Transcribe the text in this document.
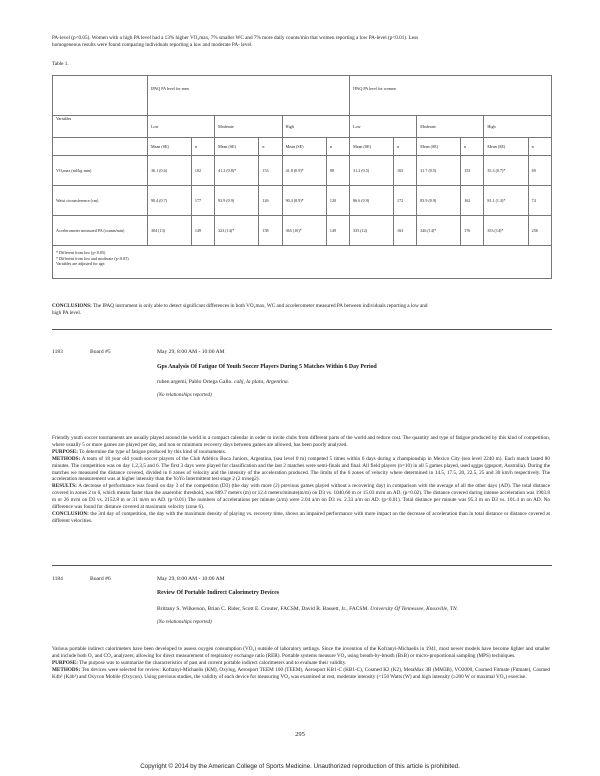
PA-level (p<0.05). Women with a high PA level had a 13% higher VO₂max, 7% smaller WC and 7% more daily counts/min that women reporting a low PA-level (p<0.01). Less
homogeneous results were found comparing individuals reporting a low and moderate PA- level.
Table 1.
	IPAQ PA level for men						IPAQ PA level for women					
Variables	Low		Moderate		High		Low		Moderate		High	
	Mean (SE)	n	Mean (SE)	n	Mean (SE)	n	Mean (SE)	n	Mean (SE)	n	Mean (SE)	n
VO₂max (ml/kg·min)	36.1 (0.6)	102	41.2 (0.8)*	153	41.8 (0.9)*	98	31.2 (0.5)	165	31.7 (0.5)	153	35.3 (0.7)*	69
Waist circumference (cm)	90.4 (0.7)	177	93.9 (0.9)	126	90.4 (0.9)*	120	86.6 (0.9)	172	83.9 (0.9)	162	81.1 (1.3)*	74
Accelerometer measured PA (counts/min)	304 (13)	149	323 (14)*	158	365 (16)*	149	335 (12)	163	346 (14)*	176	353 (14)*	256

* Different from low (p<0.05)
* Different from low and moderate (p<0.05)
Variables are adjusted for age.												
CONCLUSIONS: The IPAQ instrument is only able to detect significant differences in both VO₂max, WC and accelerometer measured PA between individuals reporting a low and
high PA level.
1183	Board #5	May 29, 8:00 AM - 10:00 AM
Gps Analysis Of Fatigue Of Youth Soccer Players During 5 Matches Within 6 Day Period
ruben argemi, Pablo Ortega Gallo. cabj, la plata, Argentina.
(No relationships reported)
Friendly youth soccer tournaments are usually played around the world in a compact calendar in order to invite clubs from different parts of the world and reduce cost. The quantity and type of fatigue produced by this kind of competition, where usually 5 or more games are played per day, and non or minimum recovery days between games are allowed, has been poorly analyzed.
PURPOSE: To determine the type of fatigue produced by this kind of tournaments.
METHODS: A team of 18 year old youth soccer players of the Club Atlético Boca Juniors, Argentina, (sea level 0 m) competed 5 times within 6 days during a championship in Mexico City (sea level 2240 m). Each match lasted 80 minutes. The competition was on day 1,2,3,5 and 6. The first 3 days were played for classification and the last 2 matches were semi-finals and final. All field players (n=10) in all 5 games played, used sggps (gpsport, Australia). During the matches we measured the distance covered, divided in 6 zones of velocity and the intensity of the acceleration produced. The limits of the 6 zones of velocity where determined in 14.5, 17.5, 20, 22.5, 25 and 30 km/h respectively. The acceleration measurement was at higher intensity than the YoYo Intermittent test stage 2 (2 m/seg2).
RESULTS: A decrease of performance was found on day 3 of the competition (D3) (the day with more (2) previous games played without a recovering day) in comparison with the average of all the other days (AD). The total distance covered in zones 2 to 6, which means faster than the anaerobic threshold, was 889.7 meters (m) or 12.4 meters/minute(m/m) on D3 vs. 1040.60 m or 15.03 m/m on AD. (p<0.02). The distance covered during intense acceleration was 1903.8 m or 26 m/m on D3 vs. 2152.8 m or 31 m/m on AD. (p<0.01) The numbers of accelerations per minute (a/m) were 2.04 a/m on D3 vs. 2.33 a/m on AD. (p<0.01). Total distance per minute was 95.3 m on D3 vs. 101.4 m on AD. No difference was found for distance covered at maximum velocity (zone 6).
CONCLUSION: the 3rd day of competition, the day with the maximum density of playing vs. recovery time, shows an impaired performance with more impact on the decrease of acceleration than in total distance or distance covered at different velocities.
1184	Board #6	May 29, 8:00 AM - 10:00 AM
Review Of Portable Indirect Calorimetry Devices
Brittany S. Wilkerson, Brian C. Rider, Scott E. Crouter, FACSM, David R. Bassett, Jr., FACSM. University Of Tennessee, Knoxville, TN.
(No relationships reported)
Various portable indirect calorimeters have been developed to assess oxygen consumption (VO₂) outside of laboratory settings. Since the invention of the Kofranyi-Michaelis in 1941, most newer models have become lighter and smaller and include both O₂ and CO₂ analyzers, allowing for direct measurement of respiratory exchange ratio (RER). Portable systems measure VO₂ using breath-by-breath (BxB) or micro-proportional sampling (MPS) techniques.
PURPOSE: The purpose was to summarize the characteristics of past and current portable indirect calorimeters and to evaluate their validity.
METHODS: Ten devices were selected for review: Kofranyi-Michaelis (KM), Oxylog, Aerosport TEEM 100 (TEEM), Aerosport KB1-C (KB1-C), Cosmed K2 (K2), MetaMax 3B (MM3B), VO2000, Cosmed Fitmate (Fitmate), Cosmed K4b² (K4b²) and Oxycon Mobile (Oxycon). Using previous studies, the validity of each device for measuring VO₂ was examined at rest, moderate intensity (<150 Watts (W) and high intensity (≥200 W or maximal VO₂) exercise.
295
Copyright © 2014 by the American College of Sports Medicine. Unauthorized reproduction of this article is prohibited.
